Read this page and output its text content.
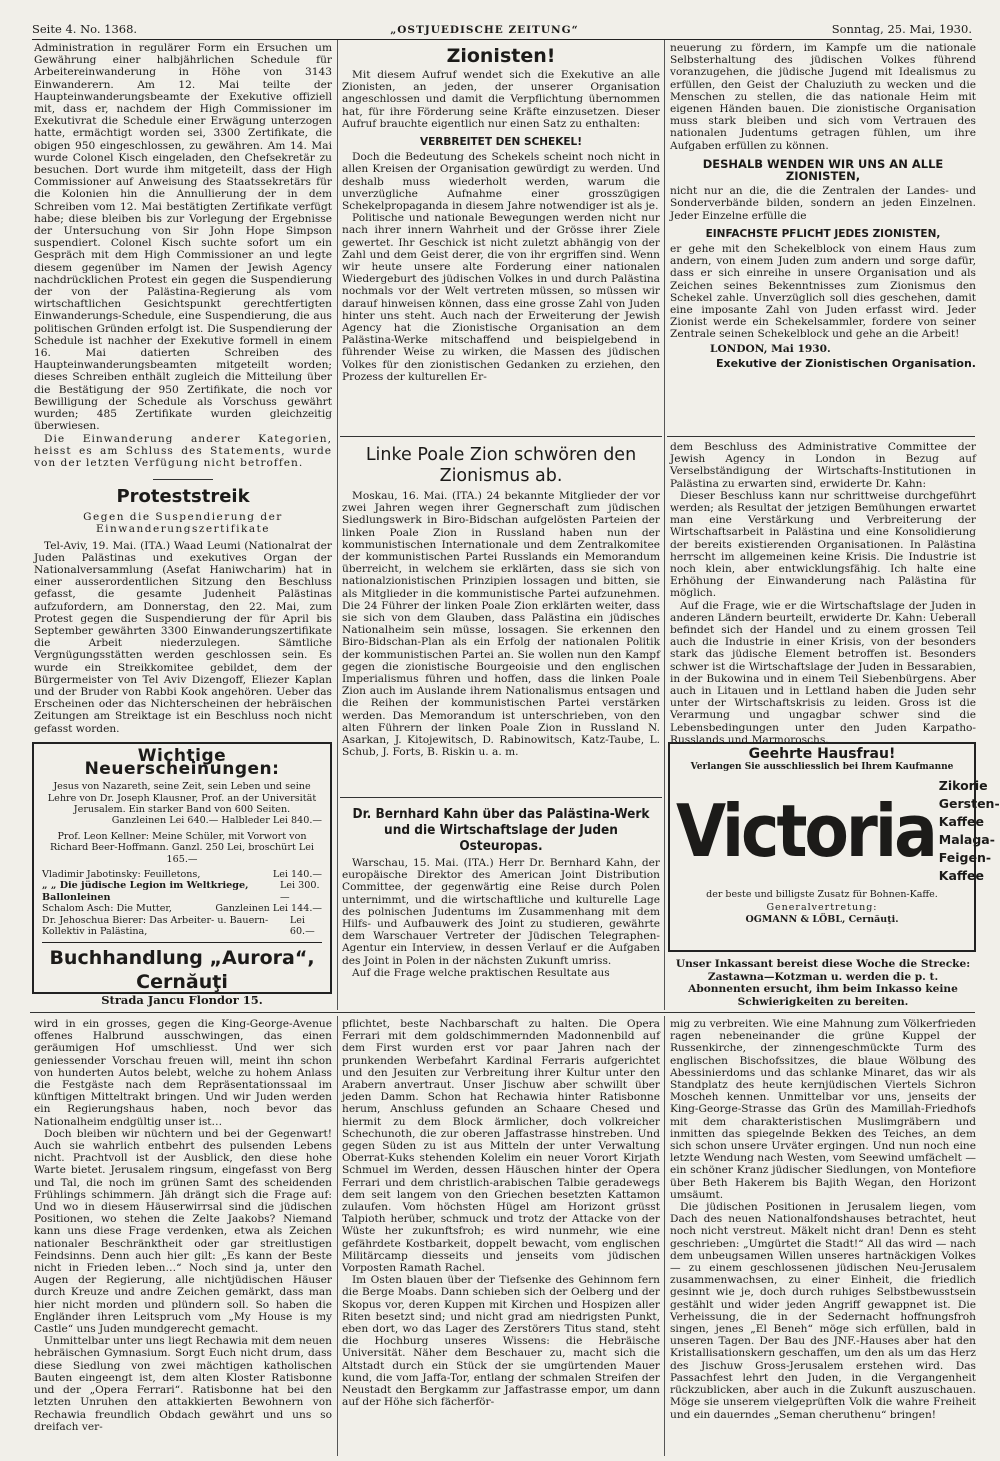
Seite 4. No. 1368.	„OSTJUEDISCHE ZEITUNG“	Sonntag, 25. Mai, 1930.

Administration in regulärer Form ein Ersuchen um Gewährung einer halbjährlichen Schedule für Arbeitereinwanderung in Höhe von 3143 Einwanderern. Am 12. Mai teilte der Haupteinwanderungsbeamte der Exekutive offiziell mit, dass er, nachdem der High Commissioner im Exekutivrat die Schedule einer Erwägung unterzogen hatte, ermächtigt worden sei, 3300 Zertifikate, die obigen 950 eingeschlossen, zu gewähren. Am 14. Mai wurde Colonel Kisch eingeladen, den Chefsekretär zu besuchen. Dort wurde ihm mitgeteilt, dass der High Commissioner auf Anweisung des Staatssekretärs für die Kolonien hin die Annullierung der in dem Schreiben vom 12. Mai bestätigten Zertifikate verfügt habe; diese bleiben bis zur Vorlegung der Ergebnisse der Untersuchung von Sir John Hope Simpson suspendiert. Colonel Kisch suchte sofort um ein Gespräch mit dem High Commissioner an und legte diesem gegenüber im Namen der Jewish Agency nachdrücklichen Protest ein gegen die Suspendierung der von der Palästina-Regierung als vom wirtschaftlichen Gesichtspunkt gerechtfertigten Einwanderungs-Schedule, eine Suspendierung, die aus politischen Gründen erfolgt ist. Die Suspendierung der Schedule ist nachher der Exekutive formell in einem 16. Mai datierten Schreiben des Haupteinwanderungsbeamten mitgeteilt worden; dieses Schreiben enthält zugleich die Mitteilung über die Bestätigung der 950 Zertifikate, die noch vor Bewilligung der Schedule als Vorschuss gewährt wurden; 485 Zertifikate wurden gleichzeitig überwiesen.

Die Einwanderung anderer Kategorien, heisst es am Schluss des Statements, wurde von der letzten Verfügung nicht betroffen.

Proteststreik
Gegen die Suspendierung der Einwanderungszertifikate

Tel-Aviv, 19. Mai. (ITA.) Waad Leumi (Nationalrat der Juden Palästinas und exekutives Organ der Nationalversammlung (Asefat Haniwcharim) hat in einer ausserordentlichen Sitzung den Beschluss gefasst, die gesamte Judenheit Palästinas aufzufordern, am Donnerstag, den 22. Mai, zum Protest gegen die Suspendierung der für April bis September gewährten 3300 Einwanderungszertifikate die Arbeit niederzulegen. Sämtliche Vergnügungsstätten werden geschlossen sein. Es wurde ein Streikkomitee gebildet, dem der Bürgermeister von Tel Aviv Dizengoff, Eliezer Kaplan und der Bruder von Rabbi Kook angehören. Ueber das Erscheinen oder das Nichterscheinen der hebräischen Zeitungen am Streiktage ist ein Beschluss noch nicht gefasst worden.

Wichtige Neuerscheinungen:
Jesus von Nazareth, seine Zeit, sein Leben und seine Lehre von Dr. Joseph Klausner, Prof. an der Universität Jerusalem. Ein starker Band von 600 Seiten.
Ganzleinen Lei 640.— Halbleder Lei 840.—
Prof. Leon Kellner: Meine Schüler, mit Vorwort von Richard Beer-Hoffmann. Ganzl. 250 Lei, broschürt Lei 165.—
Vladimir Jabotinsky: Feuilletons,	Lei 140.—
„ „ Die jüdische Legion im Weltkriege, Ballonleinen
Lei 300.—
Schalom Asch: Die Mutter,	Ganzleinen Lei 144.—
Dr. Jehoschua Bierer: Das Arbeiter- u. Bauern-Kollektiv in Palästina,
Lei 60.—
Buchhandlung „Aurora“, Cernăuţi
Strada Jancu Flondor 15.
Zionisten!

Mit diesem Aufruf wendet sich die Exekutive an alle Zionisten, an jeden, der unserer Organisation angeschlossen und damit die Verpflichtung übernommen hat, für ihre Förderung seine Kräfte einzusetzen. Dieser Aufruf brauchte eigentlich nur einen Satz zu enthalten:

VERBREITET DEN SCHEKEL!

Doch die Bedeutung des Schekels scheint noch nicht in allen Kreisen der Organisation gewürdigt zu werden. Und deshalb muss wiederholt werden, warum die unverzügliche Aufnahme einer grosszügigen Schekelpropaganda in diesem Jahre notwendiger ist als je.

Politische und nationale Bewegungen werden nicht nur nach ihrer innern Wahrheit und der Grösse ihrer Ziele gewertet. Ihr Geschick ist nicht zuletzt abhängig von der Zahl und dem Geist derer, die von ihr ergriffen sind. Wenn wir heute unsere alte Forderung einer nationalen Wiedergeburt des jüdischen Volkes in und durch Palästina nochmals vor der Welt vertreten müssen, so müssen wir darauf hinweisen können, dass eine grosse Zahl von Juden hinter uns steht. Auch nach der Erweiterung der Jewish Agency hat die Zionistische Organisation an dem Palästina-Werke mitschaffend und beispielgebend in führender Weise zu wirken, die Massen des jüdischen Volkes für den zionistischen Gedanken zu erziehen, den Prozess der kulturellen Er-

neuerung zu fördern, im Kampfe um die nationale Selbsterhaltung des jüdischen Volkes führend voranzugehen, die jüdische Jugend mit Idealismus zu erfüllen, den Geist der Chaluziuth zu wecken und die Menschen zu stellen, die das nationale Heim mit eigenen Händen bauen. Die zionistische Organisation muss stark bleiben und sich vom Vertrauen des nationalen Judentums getragen fühlen, um ihre Aufgaben erfüllen zu können.

DESHALB WENDEN WIR UNS AN ALLE ZIONISTEN,

nicht nur an die, die die Zentralen der Landes- und Sonderverbände bilden, sondern an jeden Einzelnen. Jeder Einzelne erfülle die

EINFACHSTE PFLICHT JEDES ZIONISTEN,

er gehe mit den Schekelblock von einem Haus zum andern, von einem Juden zum andern und sorge dafür, dass er sich einreihe in unsere Organisation und als Zeichen seines Bekenntnisses zum Zionismus den Schekel zahle. Unverzüglich soll dies geschehen, damit eine imposante Zahl von Juden erfasst wird. Jeder Zionist werde ein Schekelsammler, fordere von seiner Zentrale seinen Schekelblock und gehe an die Arbeit!

LONDON, Mai 1930.
Exekutive der Zionistischen Organisation.
Linke Poale Zion schwören den Zionismus ab.

Moskau, 16. Mai. (ITA.) 24 bekannte Mitglieder der vor zwei Jahren wegen ihrer Gegnerschaft zum jüdischen Siedlungswerk in Biro-Bidschan aufgelösten Parteien der linken Poale Zion in Russland haben nun der kommunistischen Internationale und dem Zentralkomitee der kommunistischen Partei Russlands ein Memorandum überreicht, in welchem sie erklärten, dass sie sich von nationalzionistischen Prinzipien lossagen und bitten, sie als Mitglieder in die kommunistische Partei aufzunehmen. Die 24 Führer der linken Poale Zion erklärten weiter, dass sie sich von dem Glauben, dass Palästina ein jüdisches Nationalheim sein müsse, lossagen. Sie erkennen den Biro-Bidschan-Plan als ein Erfolg der nationalen Politik der kommunistischen Partei an. Sie wollen nun den Kampf gegen die zionistische Bourgeoisie und den englischen Imperialismus führen und hoffen, dass die linken Poale Zion auch im Auslande ihrem Nationalismus entsagen und die Reihen der kommunistischen Partei verstärken werden. Das Memorandum ist unterschrieben, von den alten Führern der linken Poale Zion in Russland N. Asarkan, J. Kitojewitsch, D. Rabinowitsch, Katz-Taube, L. Schub, J. Forts, B. Riskin u. a. m.

Dr. Bernhard Kahn über das Palästina-Werk und die Wirtschaftslage der Juden Osteuropas.

Warschau, 15. Mai. (ITA.) Herr Dr. Bernhard Kahn, der europäische Direktor des American Joint Distribution Committee, der gegenwärtig eine Reise durch Polen unternimmt, und die wirtschaftliche und kulturelle Lage des polnischen Judentums im Zusammenhang mit dem Hilfs- und Aufbauwerk des Joint zu studieren, gewährte dem Warschauer Vertreter der Jüdischen Telegraphen-Agentur ein Interview, in dessen Verlauf er die Aufgaben des Joint in Polen in der nächsten Zukunft umriss.

Auf die Frage welche praktischen Resultate aus

dem Beschluss des Administrative Committee der Jewish Agency in London in Bezug auf Verselbständigung der Wirtschafts-Institutionen in Palästina zu erwarten sind, erwiderte Dr. Kahn:

Dieser Beschluss kann nur schrittweise durchgeführt werden; als Resultat der jetzigen Bemühungen erwartet man eine Verstärkung und Verbreiterung der Wirtschaftsarbeit in Palästina und eine Konsolidierung der bereits existierenden Organisationen. In Palästina herrscht im allgemeinen keine Krisis. Die Industrie ist noch klein, aber entwicklungsfähig. Ich halte eine Erhöhung der Einwanderung nach Palästina für möglich.

Auf die Frage, wie er die Wirtschaftslage der Juden in anderen Ländern beurteilt, erwiderte Dr. Kahn: Ueberall befindet sich der Handel und zu einem grossen Teil auch die Industrie in einer Krisis, von der besonders stark das jüdische Element betroffen ist. Besonders schwer ist die Wirtschaftslage der Juden in Bessarabien, in der Bukowina und in einem Teil Siebenbürgens. Aber auch in Litauen und in Lettland haben die Juden sehr unter der Wirtschaftskrisis zu leiden. Gross ist die Verarmung und ungagbar schwer sind die Lebensbedingungen unter den Juden Karpatho-Russlands und Marmoroschs.

Geehrte Hausfrau!
Verlangen Sie ausschliesslich bei Ihrem Kaufmanne
Victoria
Zikorie
Gersten-Kaffee
Malaga-Feigen-Kaffee
der beste und billigste Zusatz für Bohnen-Kaffe.
Generalvertretung:
OGMANN & LÖBL, Cernăuţi.
Unser Inkassant bereist diese Woche die Strecke: Zastawna—Kotzman u. werden die p. t. Abonnenten ersucht, ihm beim Inkasso keine Schwierigkeiten zu bereiten.

wird in ein grosses, gegen die King-George-Avenue offenes Halbrund ausschwingen, das einen geräumigen Hof umschliesst. Und wer sich geniessender Vorschau freuen will, meint ihn schon von hunderten Autos belebt, welche zu hohem Anlass die Festgäste nach dem Repräsentationssaal im künftigen Mitteltrakt bringen. Und wir Juden werden ein Regierungshaus haben, noch bevor das Nationalheim endgültig unser ist…

Doch bleiben wir nüchtern und bei der Gegenwart! Auch sie wahrlich entbehrt des pulsenden Lebens nicht. Prachtvoll ist der Ausblick, den diese hohe Warte bietet. Jerusalem ringsum, eingefasst von Berg und Tal, die noch im grünen Samt des scheidenden Frühlings schimmern. Jäh drängt sich die Frage auf: Und wo in diesem Häuserwirrsal sind die jüdischen Positionen, wo stehen die Zelte Jaakobs? Niemand kann uns diese Frage verdenken, etwa als Zeichen nationaler Beschränktheit oder gar streitlustigen Feindsinns. Denn auch hier gilt: „Es kann der Beste nicht in Frieden leben…“ Noch sind ja, unter den Augen der Regierung, alle nichtjüdischen Häuser durch Kreuze und andre Zeichen gemärkt, dass man hier nicht morden und plündern soll. So haben die Engländer ihren Leitspruch vom „My House is my Castle“ uns Juden mundgerecht gemacht.

Unmittelbar unter uns liegt Rechawia mit dem neuen hebräischen Gymnasium. Sorgt Euch nicht drum, dass diese Siedlung von zwei mächtigen katholischen Bauten eingeengt ist, dem alten Kloster Ratisbonne und der „Opera Ferrari“. Ratisbonne hat bei den letzten Unruhen den attakkierten Bewohnern von Rechawia freundlich Obdach gewährt und uns so dreifach ver-

pflichtet, beste Nachbarschaft zu halten. Die Opera Ferrari mit dem goldschimmernden Madonnenbild auf dem First wurden erst vor paar Jahren nach der prunkenden Werbefahrt Kardinal Ferraris aufgerichtet und den Jesuiten zur Verbreitung ihrer Kultur unter den Arabern anvertraut. Unser Jischuw aber schwillt über jeden Damm. Schon hat Rechawia hinter Ratisbonne herum, Anschluss gefunden an Schaare Chesed und hiermit zu dem Block ärmlicher, doch volkreicher Schechunoth, die zur oberen Jaffastrasse hinstreben. Und gegen Süden zu ist aus Mitteln der unter Verwaltung Oberrat-Kuks stehenden Kolelim ein neuer Vorort Kirjath Schmuel im Werden, dessen Häuschen hinter der Opera Ferrari und dem christlich-arabischen Talbie geradewegs dem seit langem von den Griechen besetzten Kattamon zulaufen. Vom höchsten Hügel am Horizont grüsst Talpioth herüber, schmuck und trotz der Attacke von der Wüste her zukunftsfroh; es wird nunmehr, wie eine gefährdete Kostbarkeit, doppelt bewacht, vom englischen Militärcamp diesseits und jenseits vom jüdischen Vorposten Ramath Rachel.

Im Osten blauen über der Tiefsenke des Gehinnom fern die Berge Moabs. Dann schieben sich der Oelberg und der Skopus vor, deren Kuppen mit Kirchen und Hospizen aller Riten besetzt sind; und nicht grad am niedrigsten Punkt, eben dort, wo das Lager des Zerstörers Titus stand, steht die Hochburg unseres Wissens: die Hebräische Universität. Näher dem Beschauer zu, macht sich die Altstadt durch ein Stück der sie umgürtenden Mauer kund, die vom Jaffa-Tor, entlang der schmalen Streifen der Neustadt den Bergkamm zur Jaffastrasse empor, um dann auf der Höhe sich fächerför-

mig zu verbreiten. Wie eine Mahnung zum Völkerfrieden ragen nebeneinander die grüne Kuppel der Russenkirche, der zinnengeschmückte Turm des englischen Bischofssitzes, die blaue Wölbung des Abessinierdoms und das schlanke Minaret, das wir als Standplatz des heute kernjüdischen Viertels Sichron Moscheh kennen. Unmittelbar vor uns, jenseits der King-George-Strasse das Grün des Mamillah-Friedhofs mit dem charakteristischen Muslimgräbern und inmitten das spiegelnde Bekken des Teiches, an dem sich schon unsere Urväter ergingen. Und nun noch eine letzte Wendung nach Westen, vom Seewind umfächelt — ein schöner Kranz jüdischer Siedlungen, von Montefiore über Beth Hakerem bis Bajith Wegan, den Horizont umsäumt.

Die jüdischen Positionen in Jerusalem liegen, vom Dach des neuen Nationalfondshauses betrachtet, heut noch nicht verstreut. Mäkelt nicht dran! Denn es steht geschrieben: „Umgürtet die Stadt!“ All das wird — nach dem unbeugsamen Willen unseres hartnäckigen Volkes — zu einem geschlossenen jüdischen Neu-Jerusalem zusammenwachsen, zu einer Einheit, die friedlich gesinnt wie je, doch durch ruhiges Selbstbewusstsein gestählt und wider jeden Angriff gewappnet ist. Die Verheissung, die in der Sedernacht hoffnungsfroh singen, jenes „El Beneh“ möge sich erfüllen, bald in unseren Tagen. Der Bau des JNF.-Hauses aber hat den Kristallisationskern geschaffen, um den als um das Herz des Jischuw Gross-Jerusalem erstehen wird. Das Passachfest lehrt den Juden, in die Vergangenheit rückzublicken, aber auch in die Zukunft auszuschauen. Möge sie unserem vielgeprüften Volk die wahre Freiheit und ein dauerndes „Seman cheruthenu“ bringen!
